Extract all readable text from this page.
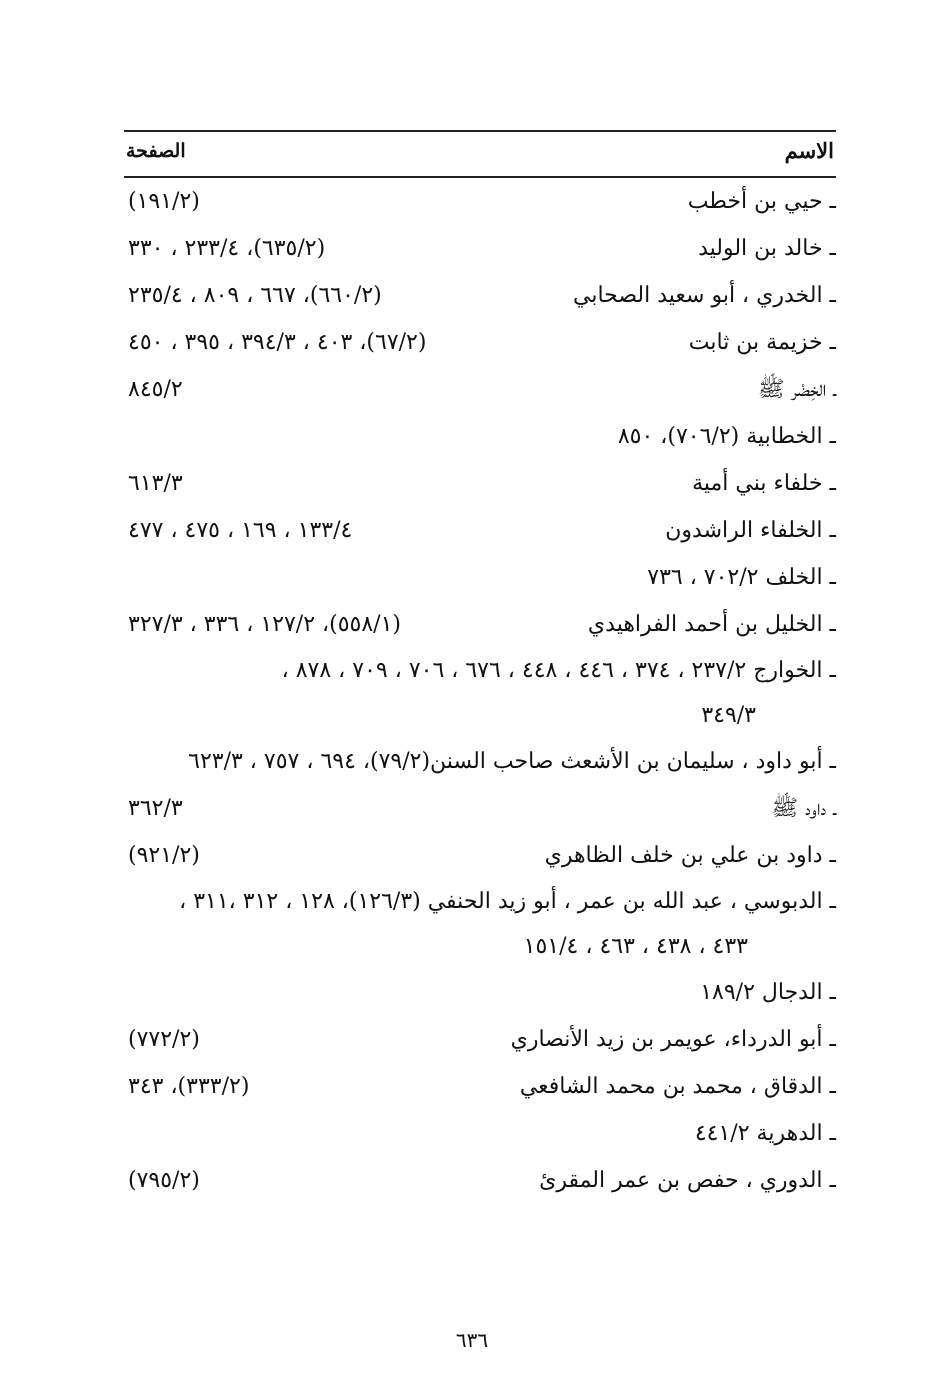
الاسم
الصفحة
ـ حيي بن أخطب
(١٩١/٢)
ـ خالد بن الوليد
(٦٣٥/٢)، ٢٣٣/٤ ، ٣٣٠
ـ الخدري ، أبو سعيد الصحابي
(٦٦٠/٢)، ٦٦٧ ، ٨٠٩ ، ٢٣٥/٤
ـ خزيمة بن ثابت
(٦٧/٢)، ٤٠٣ ، ٣٩٤/٣ ، ٣٩٥ ، ٤٥٠
ـ الخِضْر ﷺ
٨٤٥/٢
ـ الخطابية (٧٠٦/٢)، ٨٥٠
ـ خلفاء بني أمية
٦١٣/٣
ـ الخلفاء الراشدون
١٣٣/٤ ، ١٦٩ ، ٤٧٥ ، ٤٧٧
ـ الخلف ٧٠٢/٢ ، ٧٣٦
ـ الخليل بن أحمد الفراهيدي
(٥٥٨/١)، ١٢٧/٢ ، ٣٣٦ ، ٣٢٧/٣
ـ الخوارج ٢٣٧/٢ ، ٣٧٤ ، ٤٤٦ ، ٤٤٨ ، ٦٧٦ ، ٧٠٦ ، ٧٠٩ ، ٨٧٨ ،
٣٤٩/٣
ـ أبو داود ، سليمان بن الأشعث صاحب السنن(٧٩/٢)، ٦٩٤ ، ٧٥٧ ، ٦٢٣/٣
ـ داود ﷺ
٣٦٢/٣
ـ داود بن علي بن خلف الظاهري
(٩٢١/٢)
ـ الدبوسي ، عبد الله بن عمر ، أبو زيد الحنفي (١٢٦/٣)، ١٢٨ ، ٣١٢ ،٣١١ ،
٤٣٣ ، ٤٣٨ ، ٤٦٣ ، ١٥١/٤
ـ الدجال ١٨٩/٢
ـ أبو الدرداء، عويمر بن زيد الأنصاري
(٧٧٢/٢)
ـ الدقاق ، محمد بن محمد الشافعي
(٣٣٣/٢)، ٣٤٣
ـ الدهرية ٤٤١/٢
ـ الدوري ، حفص بن عمر المقرئ
(٧٩٥/٢)
٦٣٦
